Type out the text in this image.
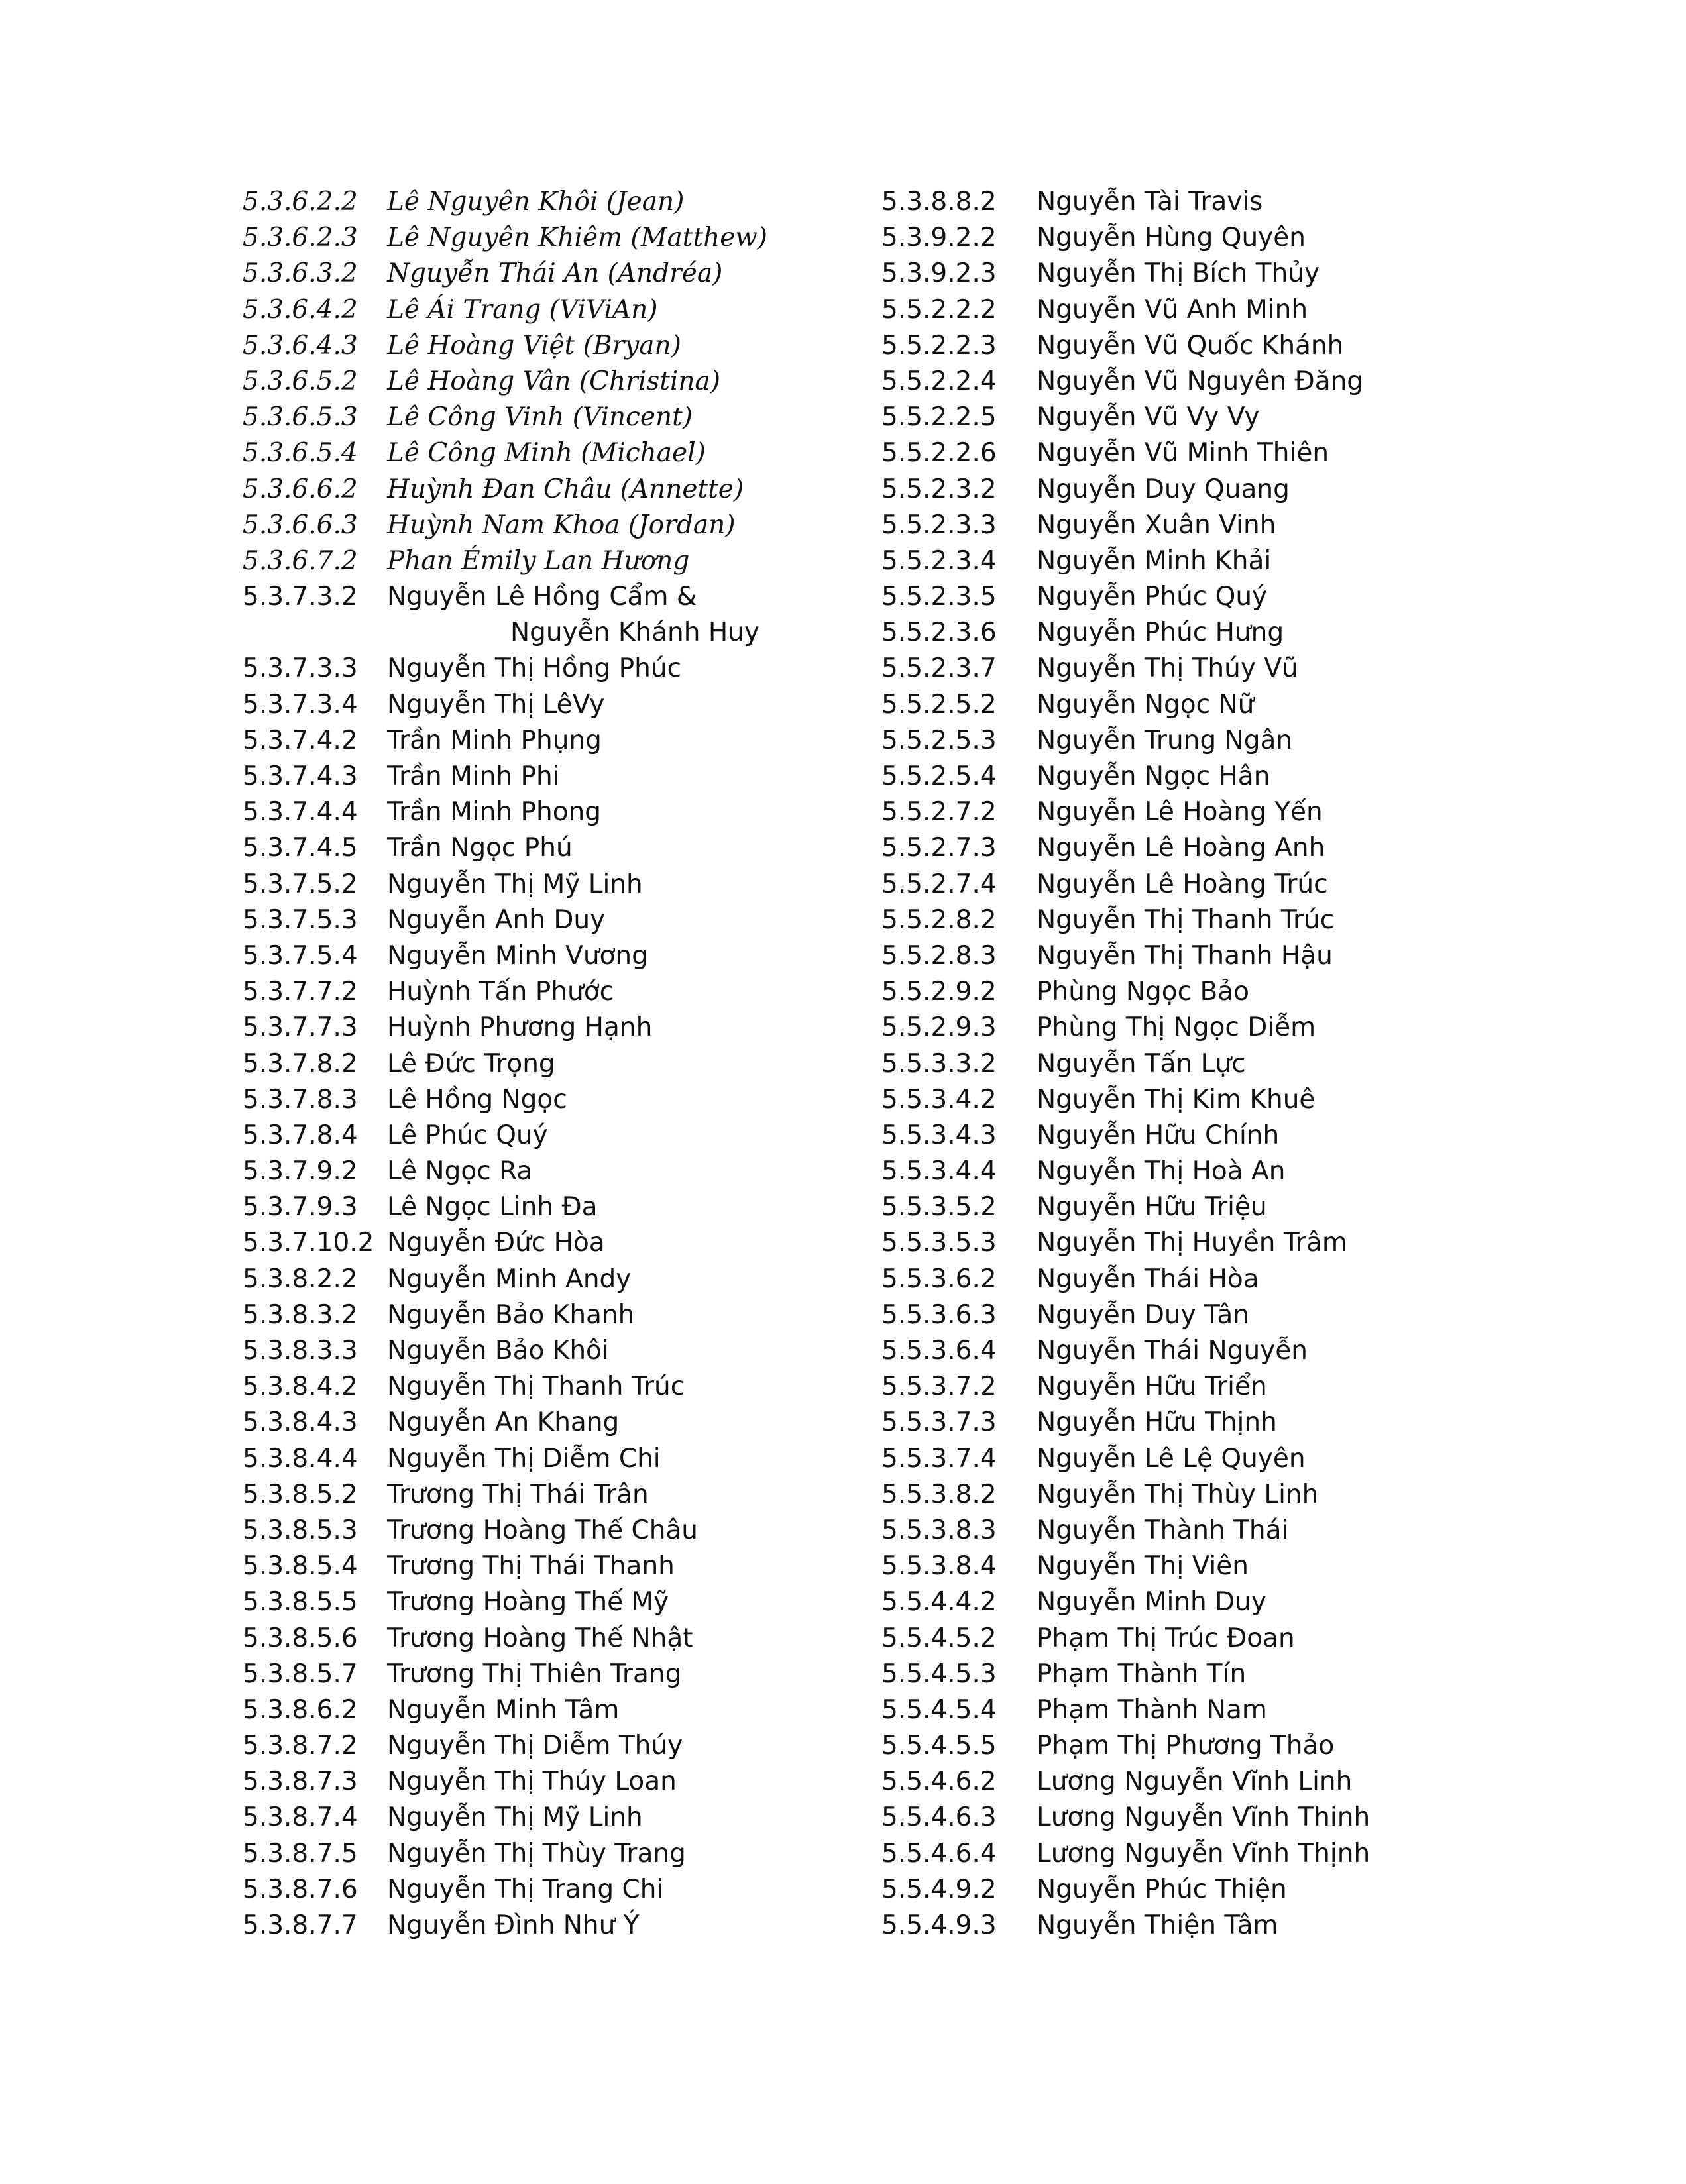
5.3.6.2.2 Lê Nguyên Khôi (Jean)
5.3.6.2.3 Lê Nguyên Khiêm (Matthew)
5.3.6.3.2 Nguyễn Thái An (Andréa)
5.3.6.4.2 Lê Ái Trang (ViViAn)
5.3.6.4.3 Lê Hoàng Việt (Bryan)
5.3.6.5.2 Lê Hoàng Vân (Christina)
5.3.6.5.3 Lê Công Vinh (Vincent)
5.3.6.5.4 Lê Công Minh (Michael)
5.3.6.6.2 Huỳnh Đan Châu (Annette)
5.3.6.6.3 Huỳnh Nam Khoa (Jordan)
5.3.6.7.2 Phan Émily Lan Hương
5.3.7.3.2 Nguyễn Lê Hồng Cẩm &
Nguyễn Khánh Huy
5.3.7.3.3 Nguyễn Thị Hồng Phúc
5.3.7.3.4 Nguyễn Thị LêVy
5.3.7.4.2 Trần Minh Phụng
5.3.7.4.3 Trần Minh Phi
5.3.7.4.4 Trần Minh Phong
5.3.7.4.5 Trần Ngọc Phú
5.3.7.5.2 Nguyễn Thị Mỹ Linh
5.3.7.5.3 Nguyễn Anh Duy
5.3.7.5.4 Nguyễn Minh Vương
5.3.7.7.2 Huỳnh Tấn Phước
5.3.7.7.3 Huỳnh Phương Hạnh
5.3.7.8.2 Lê Đức Trọng
5.3.7.8.3 Lê Hồng Ngọc
5.3.7.8.4 Lê Phúc Quý
5.3.7.9.2 Lê Ngọc Ra
5.3.7.9.3 Lê Ngọc Linh Đa
5.3.7.10.2 Nguyễn Đức Hòa
5.3.8.2.2 Nguyễn Minh Andy
5.3.8.3.2 Nguyễn Bảo Khanh
5.3.8.3.3 Nguyễn Bảo Khôi
5.3.8.4.2 Nguyễn Thị Thanh Trúc
5.3.8.4.3 Nguyễn An Khang
5.3.8.4.4 Nguyễn Thị Diễm Chi
5.3.8.5.2 Trương Thị Thái Trân
5.3.8.5.3 Trương Hoàng Thế Châu
5.3.8.5.4 Trương Thị Thái Thanh
5.3.8.5.5 Trương Hoàng Thế Mỹ
5.3.8.5.6 Trương Hoàng Thế Nhật
5.3.8.5.7 Trương Thị Thiên Trang
5.3.8.6.2 Nguyễn Minh Tâm
5.3.8.7.2 Nguyễn Thị Diễm Thúy
5.3.8.7.3 Nguyễn Thị Thúy Loan
5.3.8.7.4 Nguyễn Thị Mỹ Linh
5.3.8.7.5 Nguyễn Thị Thùy Trang
5.3.8.7.6 Nguyễn Thị Trang Chi
5.3.8.7.7 Nguyễn Đình Như Ý
5.3.8.8.2 Nguyễn Tài Travis
5.3.9.2.2 Nguyễn Hùng Quyên
5.3.9.2.3 Nguyễn Thị Bích Thủy
5.5.2.2.2 Nguyễn Vũ Anh Minh
5.5.2.2.3 Nguyễn Vũ Quốc Khánh
5.5.2.2.4 Nguyễn Vũ Nguyên Đăng
5.5.2.2.5 Nguyễn Vũ Vy Vy
5.5.2.2.6 Nguyễn Vũ Minh Thiên
5.5.2.3.2 Nguyễn Duy Quang
5.5.2.3.3 Nguyễn Xuân Vinh
5.5.2.3.4 Nguyễn Minh Khải
5.5.2.3.5 Nguyễn Phúc Quý
5.5.2.3.6 Nguyễn Phúc Hưng
5.5.2.3.7 Nguyễn Thị Thúy Vũ
5.5.2.5.2 Nguyễn Ngọc Nữ
5.5.2.5.3 Nguyễn Trung Ngân
5.5.2.5.4 Nguyễn Ngọc Hân
5.5.2.7.2 Nguyễn Lê Hoàng Yến
5.5.2.7.3 Nguyễn Lê Hoàng Anh
5.5.2.7.4 Nguyễn Lê Hoàng Trúc
5.5.2.8.2 Nguyễn Thị Thanh Trúc
5.5.2.8.3 Nguyễn Thị Thanh Hậu
5.5.2.9.2 Phùng Ngọc Bảo
5.5.2.9.3 Phùng Thị Ngọc Diễm
5.5.3.3.2 Nguyễn Tấn Lực
5.5.3.4.2 Nguyễn Thị Kim Khuê
5.5.3.4.3 Nguyễn Hữu Chính
5.5.3.4.4 Nguyễn Thị Hoà An
5.5.3.5.2 Nguyễn Hữu Triệu
5.5.3.5.3 Nguyễn Thị Huyền Trâm
5.5.3.6.2 Nguyễn Thái Hòa
5.5.3.6.3 Nguyễn Duy Tân
5.5.3.6.4 Nguyễn Thái Nguyễn
5.5.3.7.2 Nguyễn Hữu Triển
5.5.3.7.3 Nguyễn Hữu Thịnh
5.5.3.7.4 Nguyễn Lê Lệ Quyên
5.5.3.8.2 Nguyễn Thị Thùy Linh
5.5.3.8.3 Nguyễn Thành Thái
5.5.3.8.4 Nguyễn Thị Viên
5.5.4.4.2 Nguyễn Minh Duy
5.5.4.5.2 Phạm Thị Trúc Đoan
5.5.4.5.3 Phạm Thành Tín
5.5.4.5.4 Phạm Thành Nam
5.5.4.5.5 Phạm Thị Phương Thảo
5.5.4.6.2 Lương Nguyễn Vĩnh Linh
5.5.4.6.3 Lương Nguyễn Vĩnh Thinh
5.5.4.6.4 Lương Nguyễn Vĩnh Thịnh
5.5.4.9.2 Nguyễn Phúc Thiện
5.5.4.9.3 Nguyễn Thiện Tâm
